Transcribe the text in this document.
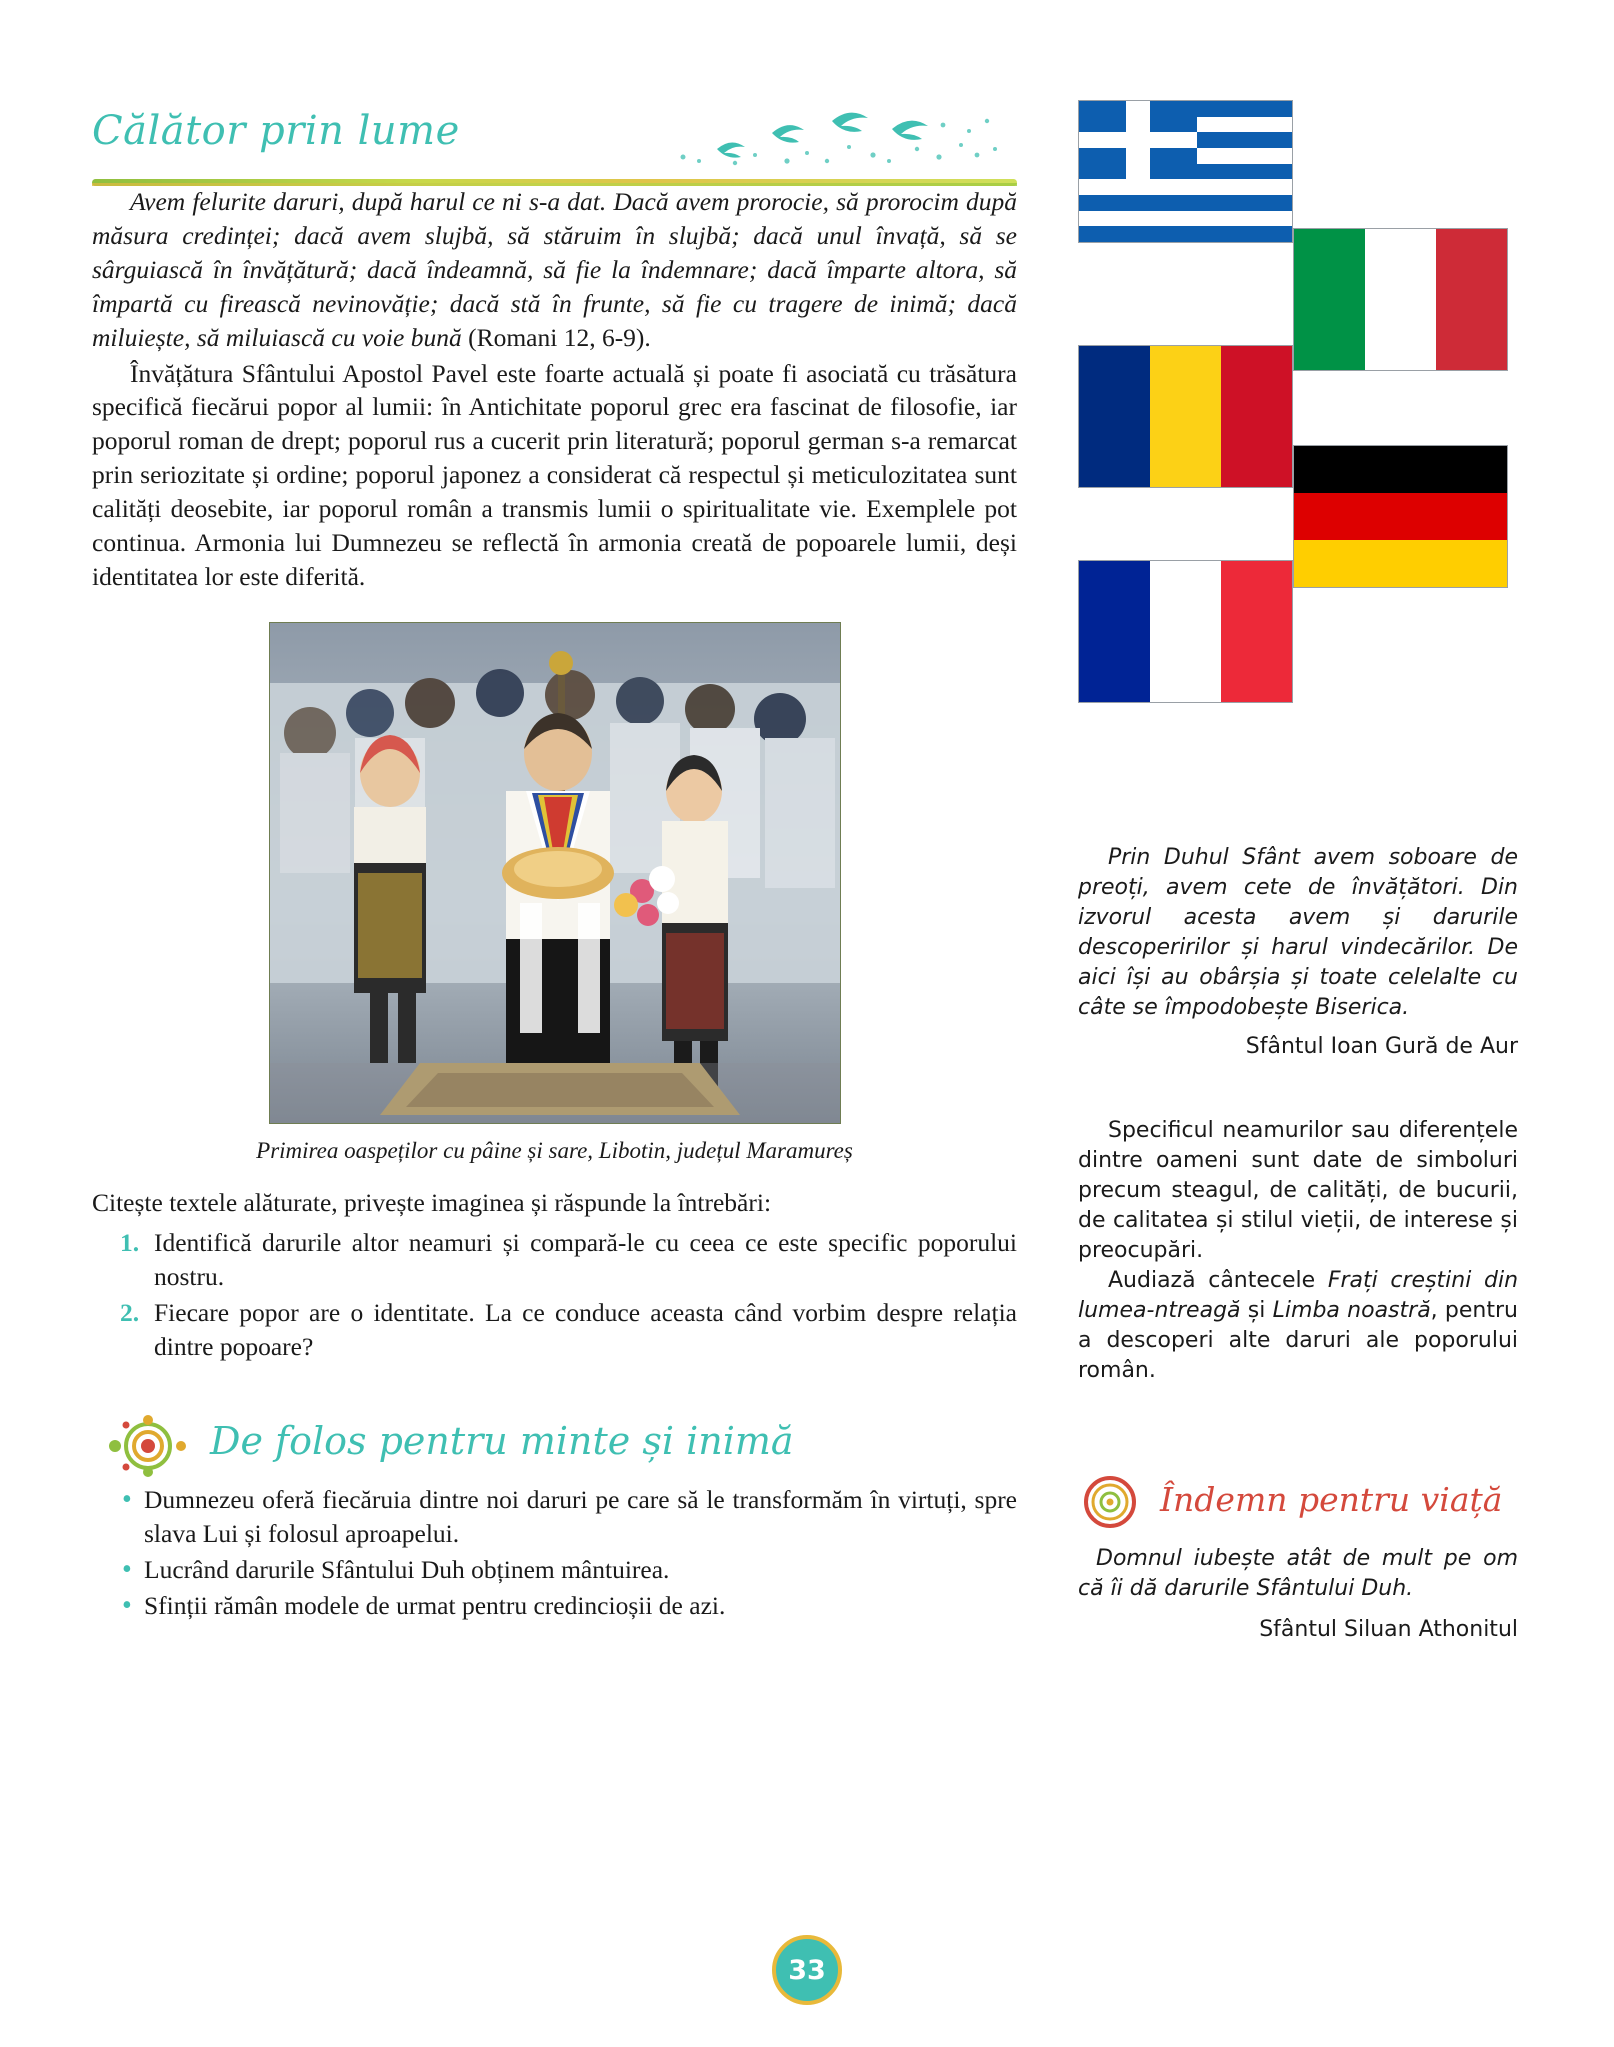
Călător prin lume

Avem felurite daruri, după harul ce ni s-a dat. Dacă avem prorocie, să prorocim după măsura credinței; dacă avem slujbă, să stăruim în slujbă; dacă unul învață, să se sârguiască în învățătură; dacă îndeamnă, să fie la îndemnare; dacă împarte altora, să împartă cu firească nevinovăție; dacă stă în frunte, să fie cu tragere de inimă; dacă miluiește, să miluiască cu voie bună (Romani 12, 6-9).

Învățătura Sfântului Apostol Pavel este foarte actuală și poate fi asociată cu trăsătura specifică fiecărui popor al lumii: în Antichitate poporul grec era fascinat de filosofie, iar poporul roman de drept; poporul rus a cucerit prin literatură; poporul german s-a remarcat prin seriozitate și ordine; poporul japonez a considerat că respectul și meticulozitatea sunt calități deosebite, iar poporul român a transmis lumii o spiritualitate vie. Exemplele pot continua. Armonia lui Dumnezeu se reflectă în armonia creată de popoarele lumii, deși identitatea lor este diferită.

Primirea oaspeților cu pâine și sare, Libotin, județul Maramureș
Citește textele alăturate, privește imaginea și răspunde la întrebări:
1. Identifică darurile altor neamuri și compară-le cu ceea ce este specific poporului nostru.
2. Fiecare popor are o identitate. La ce conduce aceasta când vorbim despre relația dintre popoare?
De folos pentru minte și inimă
• Dumnezeu oferă fiecăruia dintre noi daruri pe care să le transformăm în virtuți, spre slava Lui și folosul aproapelui.
• Lucrând darurile Sfântului Duh obținem mântuirea.
• Sfinții rămân modele de urmat pentru credincioșii de azi.

Prin Duhul Sfânt avem soboare de preoți, avem cete de învățători. Din izvorul acesta avem și darurile descoperirilor și harul vindecărilor. De aici își au obârșia și toate celelalte cu câte se împodobește Biserica.

Sfântul Ioan Gură de Aur

Specificul neamurilor sau diferențele dintre oameni sunt date de simboluri precum steagul, de calități, de bucurii, de calitatea și stilul vieții, de interese și preocupări.

Audiază cântecele Frați creștini din lumea-ntreagă și Limba noastră, pentru a descoperi alte daruri ale poporului român.

Îndemn pentru viață

Domnul iubește atât de mult pe om că îi dă darurile Sfântului Duh.

Sfântul Siluan Athonitul
33
